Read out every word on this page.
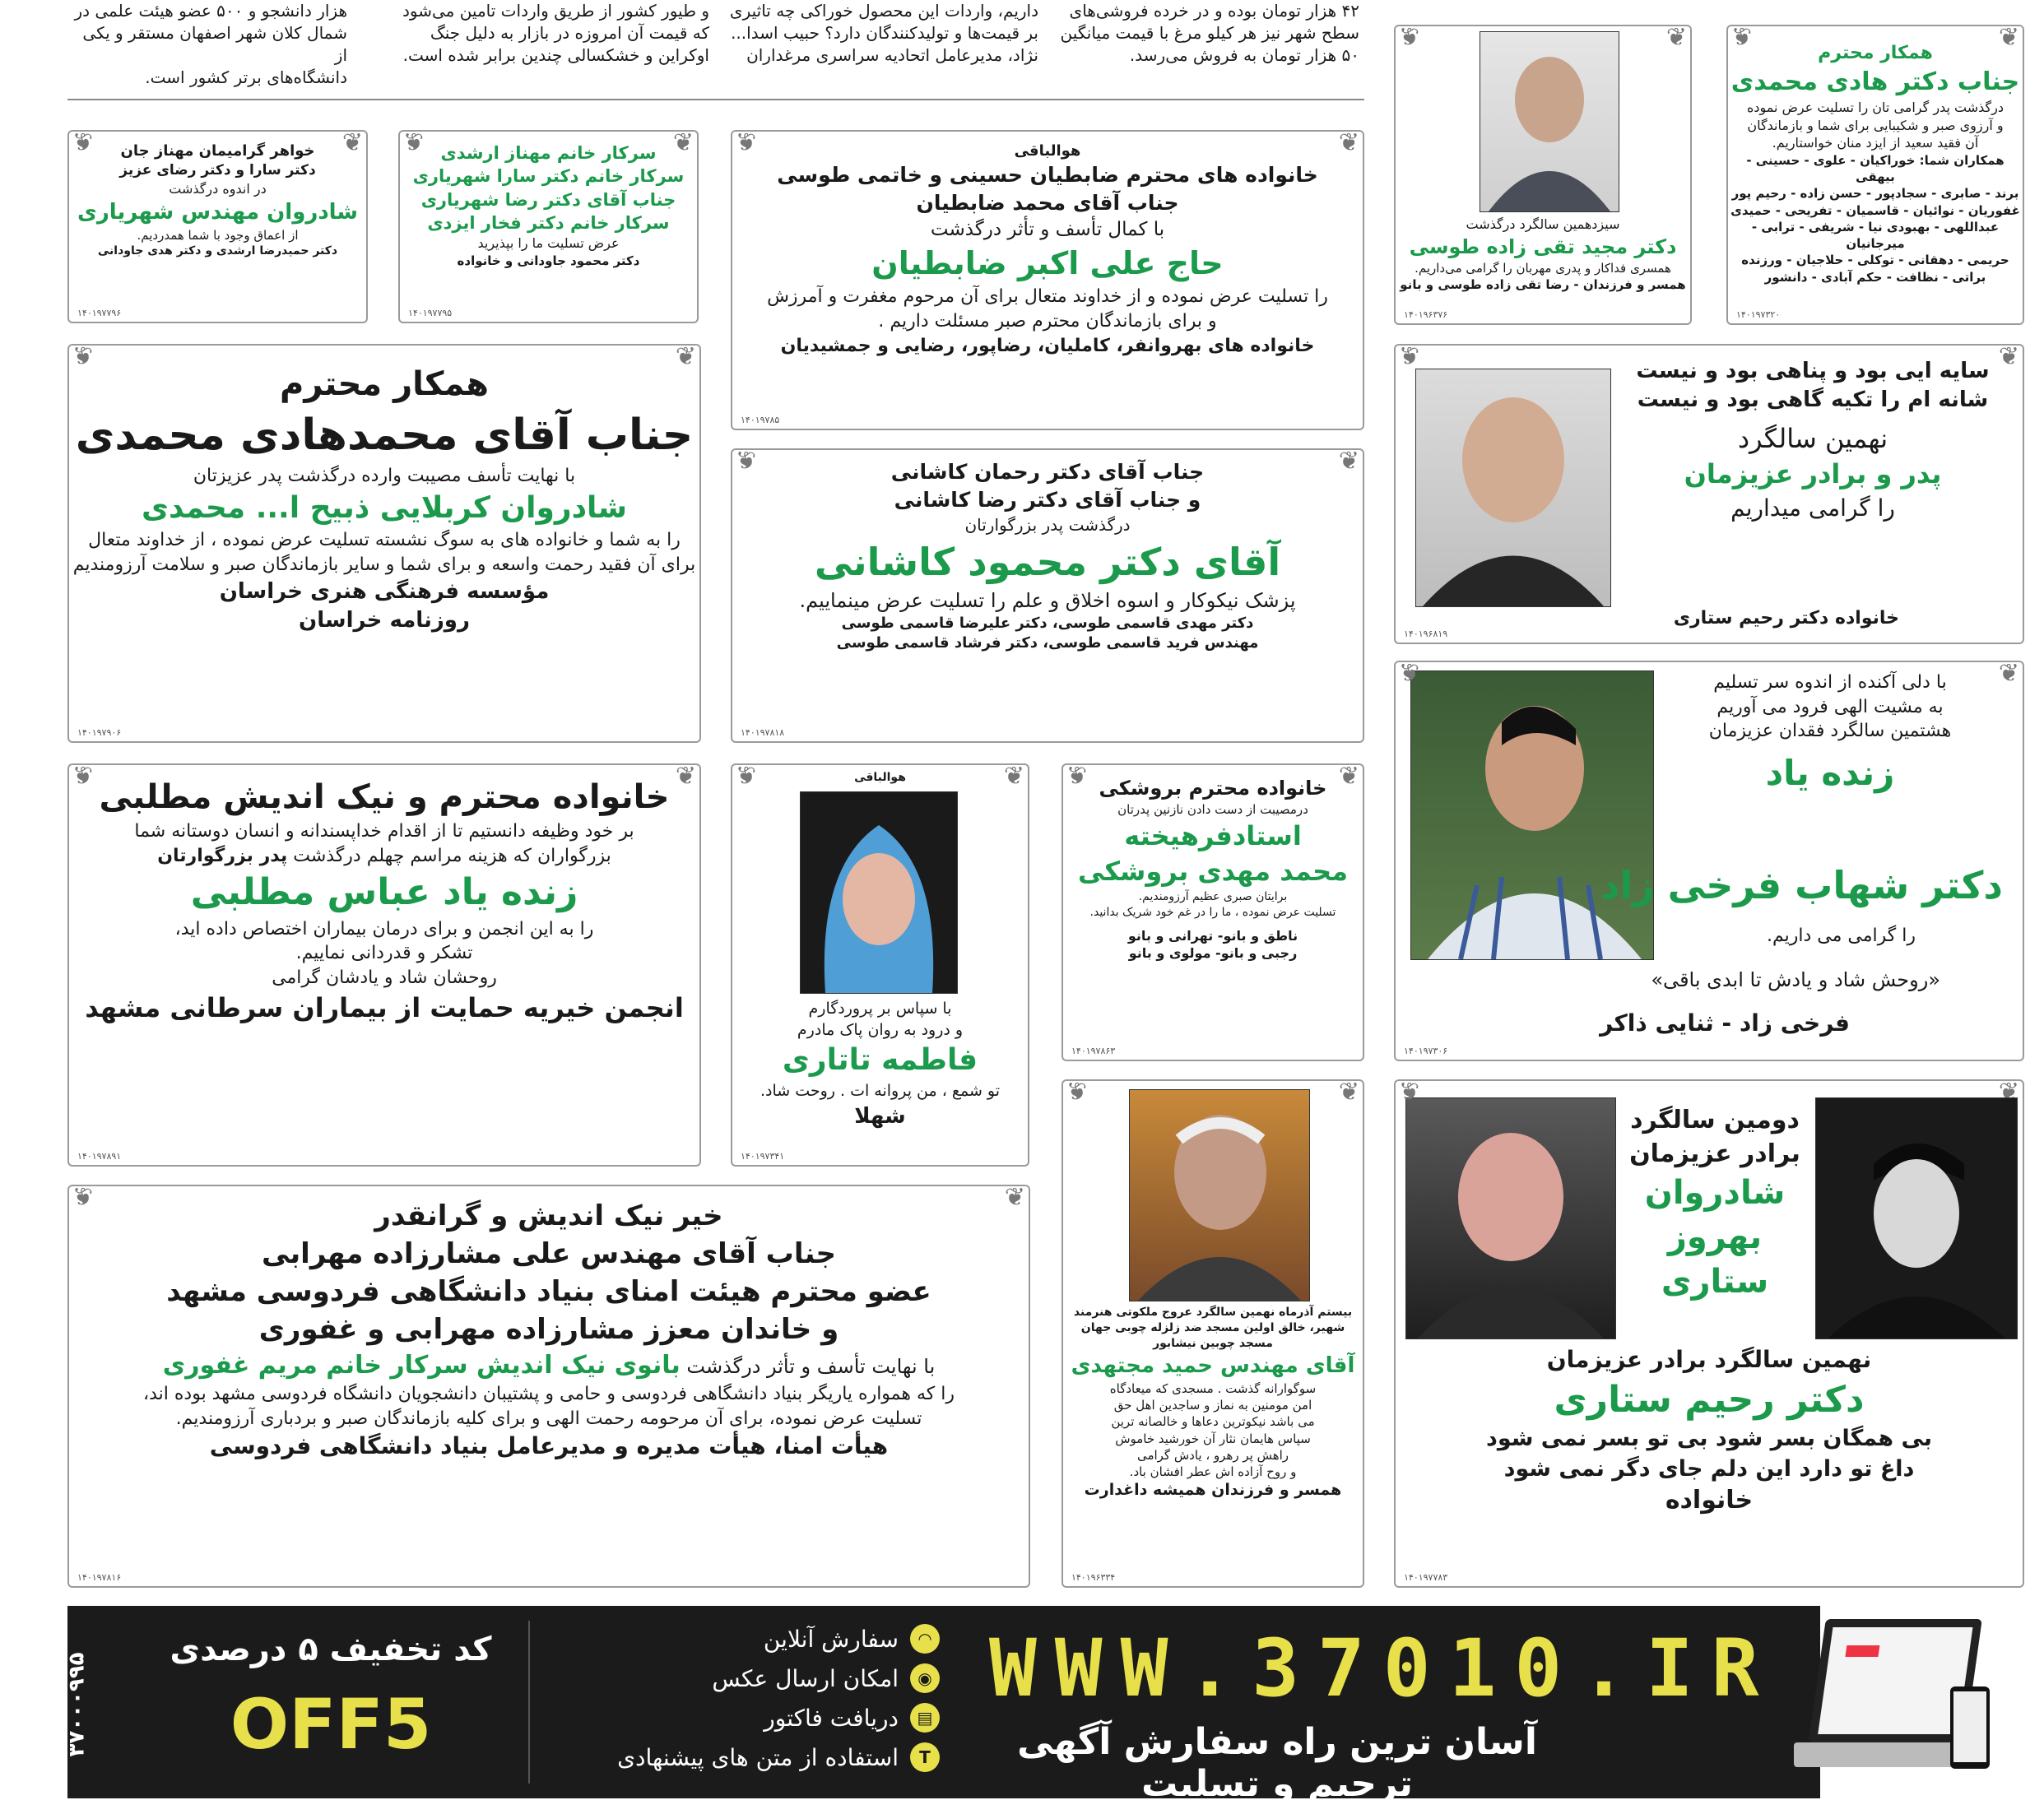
هزار دانشجو و ۵۰۰ عضو هیئت علمی در
شمال کلان شهر اصفهان مستقر و یکی از
دانشگاه‌های برتر کشور است.
و طیور کشور از طریق واردات تامین می‌شود
که قیمت آن امروزه در بازار به دلیل جنگ
اوکراین و خشکسالی چندین برابر شده است.
داریم، واردات این محصول خوراکی چه تاثیری
بر قیمت‌ها و تولیدکنندگان دارد؟ حبیب اسدا...
نژاد، مدیرعامل اتحادیه سراسری مرغداران
۴۲ هزار تومان بوده و در خرده فروشی‌های
سطح شهر نیز هر کیلو مرغ با قیمت میانگین
۵۰ هزار تومان به فروش می‌رسد.
❦	همکار محترم
جناب دکتر هادی محمدی
درگذشت پدر گرامی تان را تسلیت عرض نموده
و آرزوی صبر و شکیبایی برای شما و بازماندگان
آن فقید سعید از ایزد منان خواستاریم.
همکاران شما: خوراکیان - علوی - حسینی - بیهقی
برند - صابری - سجادپور - حسن زاده - رحیم پور
غفوریان - نوائیان - قاسمیان - تفریحی - حمیدی
عبداللهی - بهبودی نیا - شریفی - ترابی - میرجانیان
حریمی - دهقانی - توکلی - حلاجیان - ورزنده
براتی - نظافت - حکم آبادی - دانشور
۱۴۰۱۹۷۳۲۰
❦
❦ سیزدهمین سالگرد درگذشت
دکتر مجید تقی زاده طوسی
همسری فداکار و پدری مهربان را گرامی می‌داریم.
همسر و فرزندان - رضا تقی زاده طوسی و بانو
۱۴۰۱۹۶۳۷۶
❦
❦ هوالباقی
خانواده های محترم ضابطیان حسینی و خاتمی طوسی
جناب آقای محمد ضابطیان
با کمال تأسف و تأثر درگذشت
حاج علی اکبر ضابطیان
را تسلیت عرض نموده و از خداوند متعال برای آن مرحوم مغفرت و آمرزش
و برای بازماندگان محترم صبر مسئلت داریم .
خانواده های بهروانفر، کاملیان، رضاپور، رضایی و جمشیدیان
۱۴۰۱۹۷۸۵
❦
❦ سرکار خانم مهناز ارشدی
سرکار خانم دکتر سارا شهریاری
جناب آقای دکتر رضا شهریاری
سرکار خانم دکتر فخار ایزدی
عرض تسلیت ما را بپذیرید
دکتر محمود جاودانی و خانواده
۱۴۰۱۹۷۷۹۵
❦
❦ خواهر گرامیمان مهناز جان
دکتر سارا و دکتر رضای عزیز
در اندوه درگذشت
شادروان مهندس شهریاری
از اعماق وجود با شما همدردیم.
دکتر حمیدرضا ارشدی و دکتر هدی جاودانی
۱۴۰۱۹۷۷۹۶
❦
❦ سایه ایی بود و پناهی بود و نیست
شانه ام را تکیه گاهی بود و نیست
نهمین سالگرد
پدر و برادر عزیزمان
را گرامی میداریم
خانواده دکتر رحیم ستاری
۱۴۰۱۹۶۸۱۹
❦
❦ همکار محترم
جناب آقای محمدهادی محمدی
با نهایت تأسف مصیبت وارده درگذشت پدر عزیزتان
شادروان کربلایی ذبیح ا... محمدی
را به شما و خانواده های به سوگ نشسته تسلیت عرض نموده ، از خداوند متعال
برای آن فقید رحمت واسعه و برای شما و سایر بازماندگان صبر و سلامت آرزومندیم
مؤسسه فرهنگی هنری خراسان
روزنامه خراسان
۱۴۰۱۹۷۹۰۶
❦
❦ جناب آقای دکتر رحمان کاشانی
و جناب آقای دکتر رضا کاشانی
درگذشت پدر بزرگوارتان
آقای دکتر محمود کاشانی
پزشک نیکوکار و اسوه اخلاق و علم را تسلیت عرض مینماییم.
دکتر مهدی قاسمی طوسی، دکتر علیرضا قاسمی طوسی
مهندس فرید قاسمی طوسی، دکتر فرشاد قاسمی طوسی
۱۴۰۱۹۷۸۱۸
❦
❦ با دلی آکنده از اندوه سر تسلیم
به مشیت الهی فرود می آوریم
هشتمین سالگرد فقدان عزیزمان
زنده یاد
دکتر شهاب فرخی زاد
را گرامی می داریم.
«روحش شاد و یادش تا ابدی باقی»
فرخی زاد - ثنایی ذاکر
۱۴۰۱۹۷۳۰۶
❦
❦ خانواده محترم و نیک اندیش مطلبی
بر خود وظیفه دانستیم تا از اقدام خداپسندانه و انسان دوستانه شما
بزرگواران که هزینه مراسم چهلم درگذشت پدر بزرگوارتان
زنده یاد عباس مطلبی
را به این انجمن و برای درمان بیماران اختصاص داده اید،
تشکر و قدردانی نماییم.
روحشان شاد و یادشان گرامی
انجمن خیریه حمایت از بیماران سرطانی مشهد
۱۴۰۱۹۷۸۹۱
❦
❦ هوالباقی
با سپاس بر پروردگارم
و درود به روان پاک مادرم
فاطمه تاتاری
تو شمع ، من پروانه ات . روحت شاد.
شهلا
۱۴۰۱۹۷۳۴۱
❦
❦ خانواده محترم بروشکی
درمصیبت از دست دادن نازنین پدرتان
استادفرهیخته
محمد مهدی بروشکی
برایتان صبری عظیم آرزومندیم.
تسلیت عرض نموده ، ما را در غم خود شریک بدانید.
ناطق و بانو- تهرانی و بانو
رجبی و بانو- مولوی و بانو
۱۴۰۱۹۷۸۶۳
❦
❦ بیستم آذرماه نهمین سالگرد عروج ملکوتی هنرمند
شهیر، خالق اولین مسجد ضد زلزله چوبی جهان
مسجد چوبین نیشابور
آقای مهندس حمید مجتهدی
سوگوارانه گذشت . مسجدی که میعادگاه
امن مومنین به نماز و ساجدین اهل حق
می باشد نیکوترین دعاها و خالصانه ترین
سپاس هایمان نثار آن خورشید خاموش
راهش پر رهرو ، یادش گرامی
و روح آزاده اش عطر افشان باد.
همسر و فرزندان همیشه داغدارت
۱۴۰۱۹۶۳۳۴
❦
❦ دومین سالگرد
برادر عزیزمان
شادروان
بهروز ستاری
نهمین سالگرد برادر عزیزمان
دکتر رحیم ستاری
بی همگان بسر شود بی تو بسر نمی شود
داغ تو دارد این دلم جای دگر نمی شود
خانواده
۱۴۰۱۹۷۷۸۳
❦
❦ خیر نیک اندیش و گرانقدر
جناب آقای مهندس علی مشارزاده مهرابی
عضو محترم هیئت امنای بنیاد دانشگاهی فردوسی مشهد
و خاندان معزز مشارزاده مهرابی و غفوری
با نهایت تأسف و تأثر درگذشت بانوی نیک اندیش سرکار خانم مریم غفوری
را که همواره یاریگر بنیاد دانشگاهی فردوسی و حامی و پشتیبان دانشجویان دانشگاه فردوسی مشهد بوده اند،
تسلیت عرض نموده، برای آن مرحومه رحمت الهی و برای کلیه بازماندگان صبر و بردباری آرزومندیم.
هیأت امنا، هیأت مدیره و مدیرعامل بنیاد دانشگاهی فردوسی
۱۴۰۱۹۷۸۱۶
❦
۳۷۰۰۰۹۹۵
کد تخفیف ۵ درصدی
OFF5
◠
سفارش آنلاین
◉
امکان ارسال عکس
▤
دریافت فاکتور
T
استفاده از متن های پیشنهادی
WWW.37010.IR
آسان ترین راه سفارش آگهی ترحیم و تسلیت
